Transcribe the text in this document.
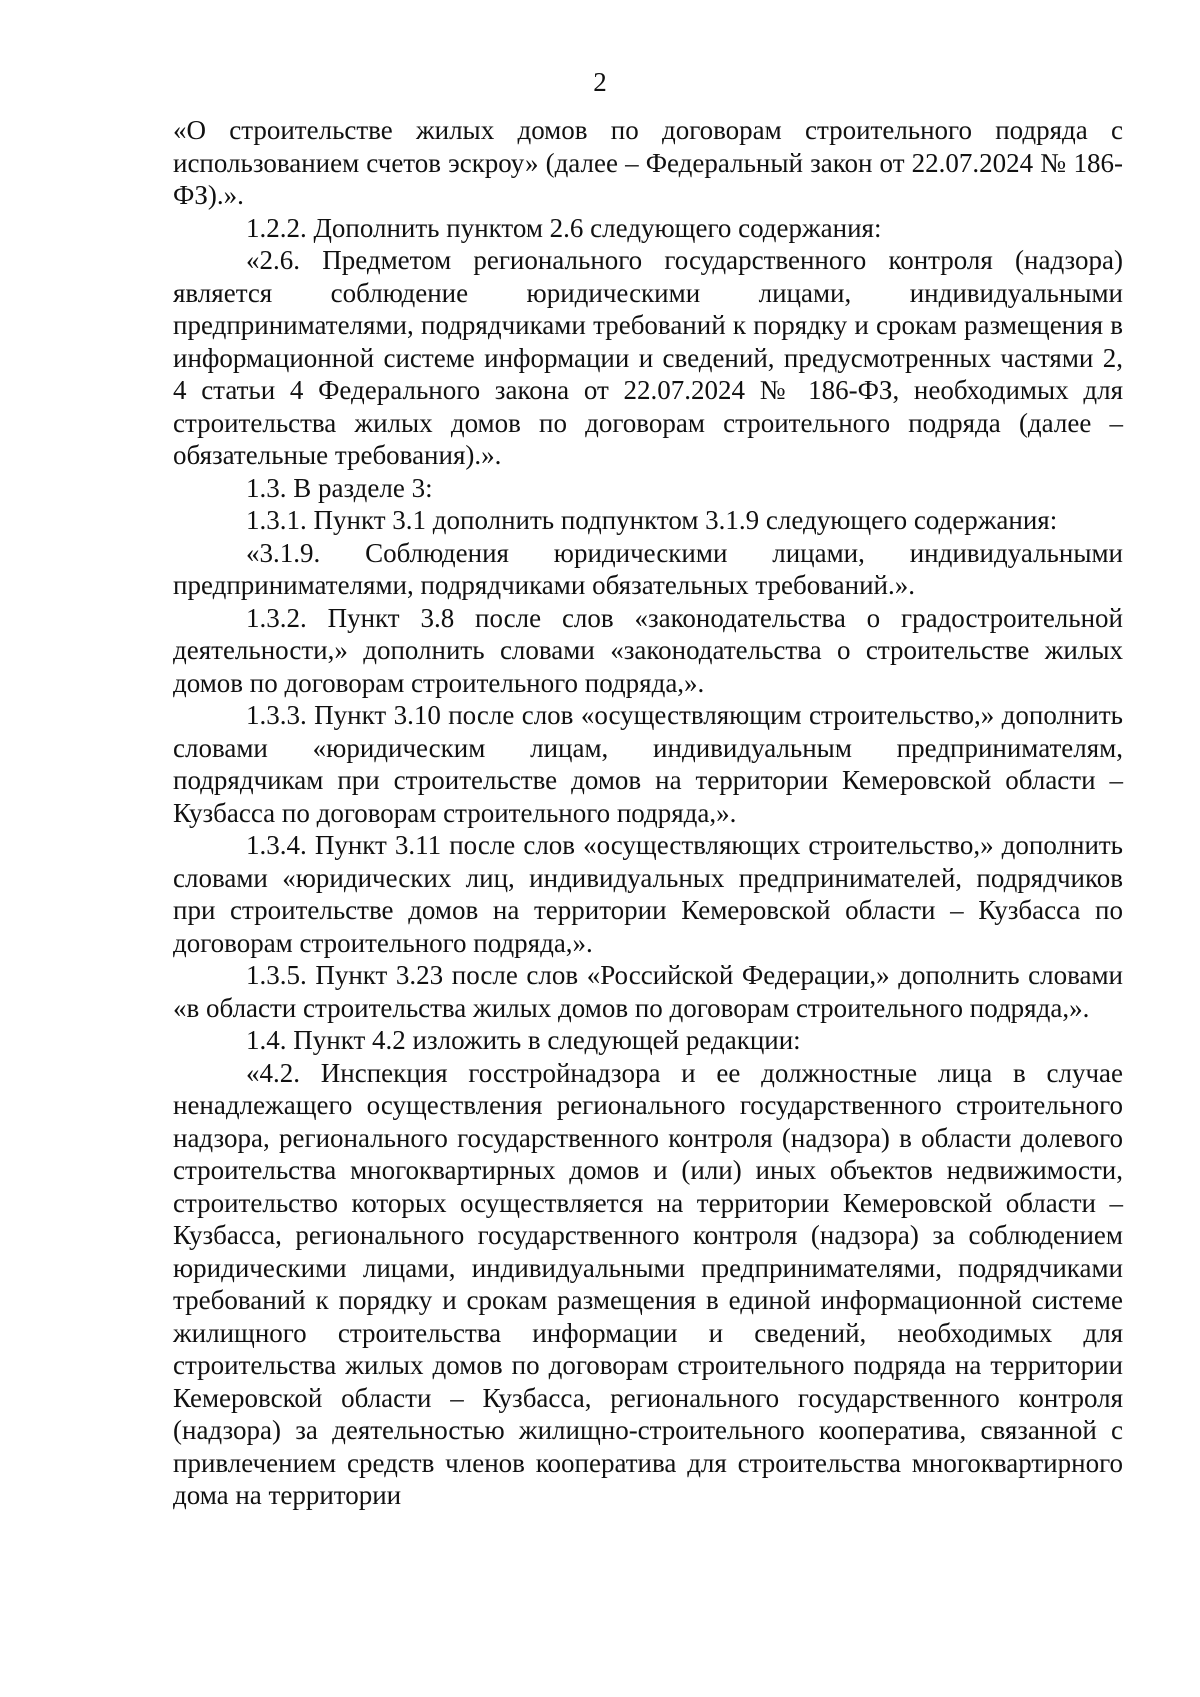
2

«О строительстве жилых домов по договорам строительного подряда с использованием счетов эскроу» (далее – Федеральный закон от 22.07.2024 № 186-ФЗ).».

1.2.2. Дополнить пунктом 2.6 следующего содержания:

«2.6. Предметом регионального государственного контроля (надзора) является соблюдение юридическими лицами, индивидуальными предпринимателями, подрядчиками требований к порядку и срокам размещения в информационной системе информации и сведений, предусмотренных частями 2, 4 статьи 4 Федерального закона от 22.07.2024 № 186-ФЗ, необходимых для строительства жилых домов по договорам строительного подряда (далее – обязательные требования).».

1.3. В разделе 3:

1.3.1. Пункт 3.1 дополнить подпунктом 3.1.9 следующего содержания:

«3.1.9. Соблюдения юридическими лицами, индивидуальными предпринимателями, подрядчиками обязательных требований.».

1.3.2. Пункт 3.8 после слов «законодательства о градостроительной деятельности,» дополнить словами «законодательства о строительстве жилых домов по договорам строительного подряда,».

1.3.3. Пункт 3.10 после слов «осуществляющим строительство,» дополнить словами «юридическим лицам, индивидуальным предпринимателям, подрядчикам при строительстве домов на территории Кемеровской области – Кузбасса по договорам строительного подряда,».

1.3.4. Пункт 3.11 после слов «осуществляющих строительство,» дополнить словами «юридических лиц, индивидуальных предпринимателей, подрядчиков при строительстве домов на территории Кемеровской области – Кузбасса по договорам строительного подряда,».

1.3.5. Пункт 3.23 после слов «Российской Федерации,» дополнить словами «в области строительства жилых домов по договорам строительного подряда,».

1.4. Пункт 4.2 изложить в следующей редакции:

«4.2. Инспекция госстройнадзора и ее должностные лица в случае ненадлежащего осуществления регионального государственного строительного надзора, регионального государственного контроля (надзора) в области долевого строительства многоквартирных домов и (или) иных объектов недвижимости, строительство которых осуществляется на территории Кемеровской области – Кузбасса, регионального государственного контроля (надзора) за соблюдением юридическими лицами, индивидуальными предпринимателями, подрядчиками требований к порядку и срокам размещения в единой информационной системе жилищного строительства информации и сведений, необходимых для строительства жилых домов по договорам строительного подряда на территории Кемеровской области – Кузбасса, регионального государственного контроля (надзора) за деятельностью жилищно-строительного кооператива, связанной с привлечением средств членов кооператива для строительства многоквартирного дома на территории
